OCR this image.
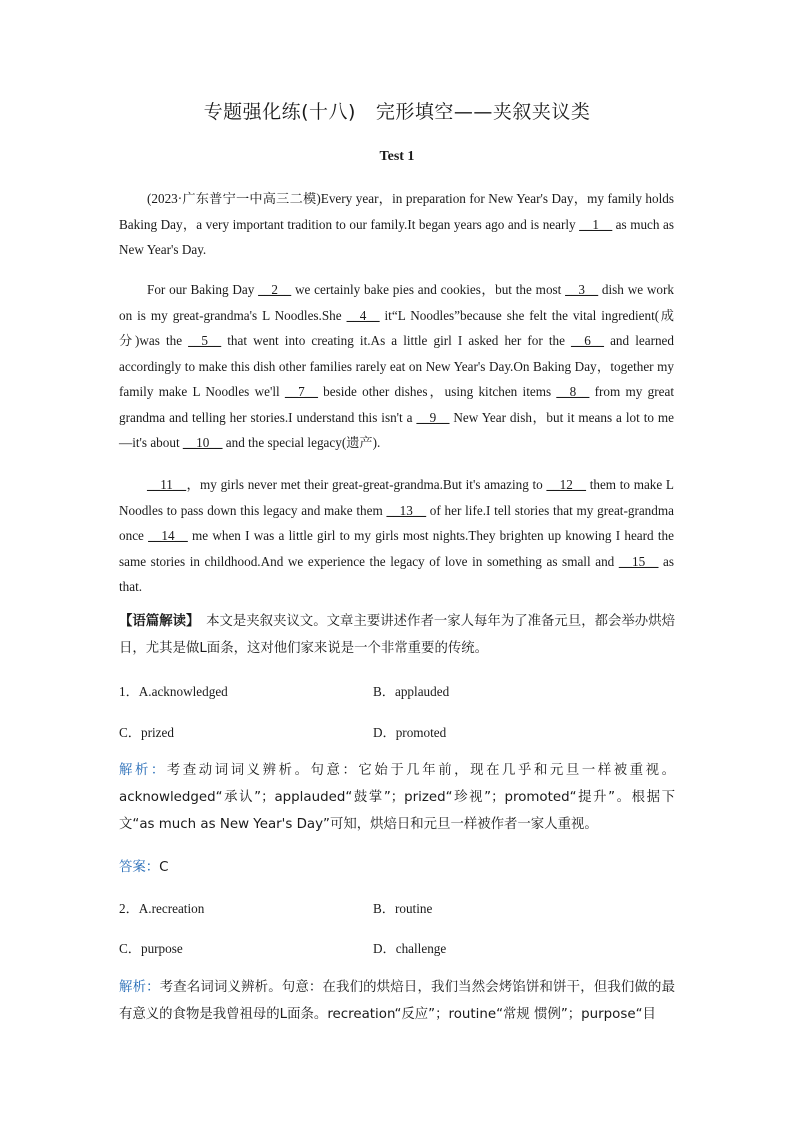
专题强化练(十八) 完形填空——夹叙夹议类
Test 1

(2023·广东普宁一中高三二模)Every year，in preparation for New Year's Day，my family holds Baking Day，a very important tradition to our family.It began years ago and is nearly __1__ as much as New Year's Day.

For our Baking Day __2__ we certainly bake pies and cookies，but the most __3__ dish we work on is my great-grandma's L Noodles.She __4__ it“L Noodles”because she felt the vital ingredient(成分)was the __5__ that went into creating it.As a little girl I asked her for the __6__ and learned accordingly to make this dish other families rarely eat on New Year's Day.On Baking Day，together my family make L Noodles we'll __7__ beside other dishes，using kitchen items __8__ from my great grandma and telling her stories.I understand this isn't a __9__ New Year dish，but it means a lot to me—it's about __10__ and the special legacy(遗产).

__11__，my girls never met their great-great-grandma.But it's amazing to __12__ them to make L Noodles to pass down this legacy and make them __13__ of her life.I tell stories that my great-grandma once __14__ me when I was a little girl to my girls most nights.They brighten up knowing I heard the same stories in childhood.And we experience the legacy of love in something as small and __15__ as that.

【语篇解读】　本文是夹叙夹议文。文章主要讲述作者一家人每年为了准备元旦，都会举办烘焙日，尤其是做L面条，这对他们家来说是一个非常重要的传统。

1．A.acknowledged	B．applauded
C．prized	D．promoted

解析：考查动词词义辨析。句意：它始于几年前，现在几乎和元旦一样被重视。acknowledged“承认”；applauded“鼓掌”；prized“珍视”；promoted“提升”。根据下文“as much as New Year's Day”可知，烘焙日和元旦一样被作者一家人重视。

答案：C
2．A.recreation	B．routine
C．purpose	D．challenge

解析：考查名词词义辨析。句意：在我们的烘焙日，我们当然会烤馅饼和饼干，但我们做的最有意义的食物是我曾祖母的L面条。recreation“反应”；routine“常规 惯例”；purpose“目
